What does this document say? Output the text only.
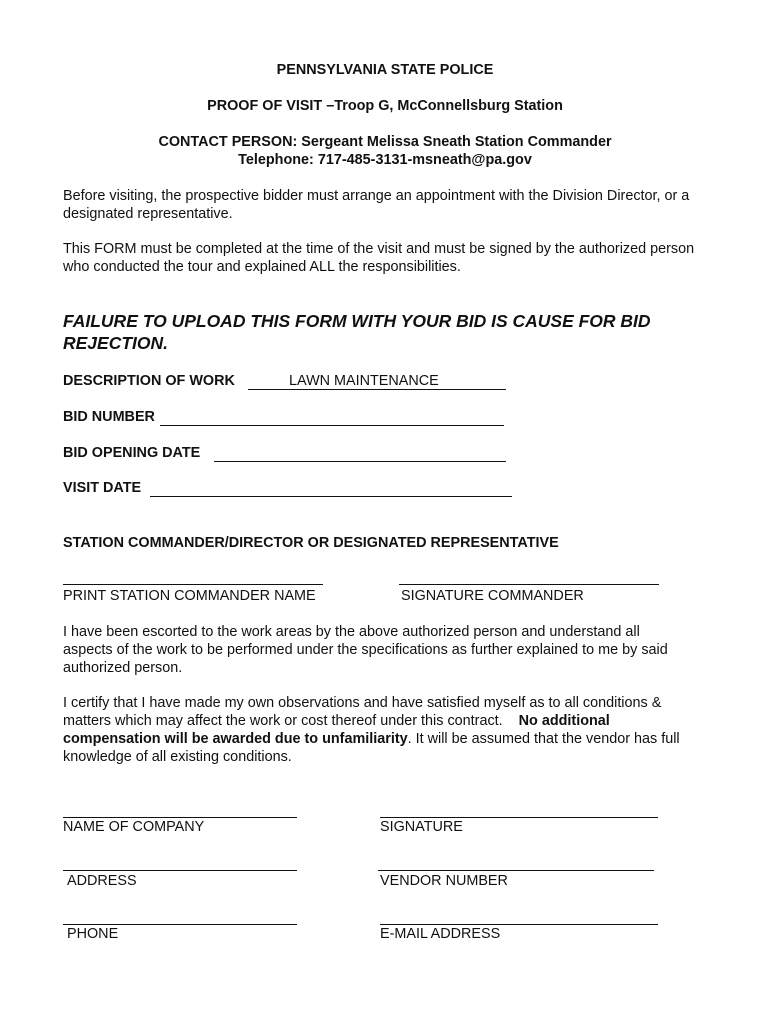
PENNSYLVANIA STATE POLICE
PROOF OF VISIT –Troop G, McConnellsburg Station
CONTACT PERSON: Sergeant Melissa Sneath Station Commander
Telephone: 717-485-3131-msneath@pa.gov
Before visiting, the prospective bidder must arrange an appointment with the Division Director, or a designated representative.
This FORM must be completed at the time of the visit and must be signed by the authorized person who conducted the tour and explained ALL the responsibilities.
FAILURE TO UPLOAD THIS FORM WITH YOUR BID IS CAUSE FOR BID REJECTION.
DESCRIPTION OF WORK	LAWN MAINTENANCE
BID NUMBER
BID OPENING DATE
VISIT DATE
STATION COMMANDER/DIRECTOR OR DESIGNATED REPRESENTATIVE
PRINT STATION COMMANDER NAME	SIGNATURE COMMANDER
I have been escorted to the work areas by the above authorized person and understand all aspects of the work to be performed under the specifications as further explained to me by said authorized person.
I certify that I have made my own observations and have satisfied myself as to all conditions & matters which may affect the work or cost thereof under this contract. No additional compensation will be awarded due to unfamiliarity. It will be assumed that the vendor has full knowledge of all existing conditions.
NAME OF COMPANY	SIGNATURE
ADDRESS	VENDOR NUMBER
PHONE	E-MAIL ADDRESS
